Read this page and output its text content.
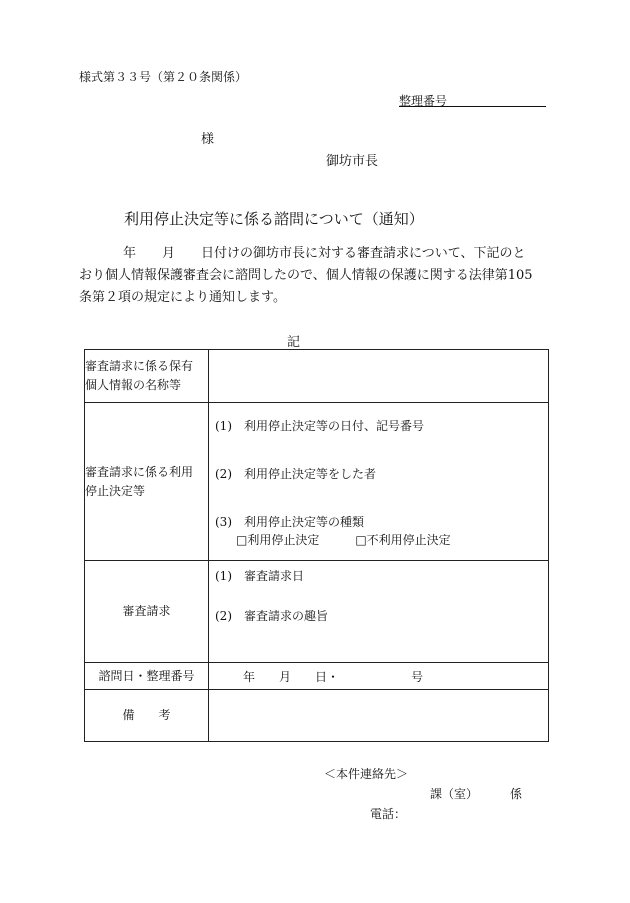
様式第３３号（第２０条関係）
整理番号
様
御坊市長
利用停止決定等に係る諮問について（通知）
年　　月　　日付けの御坊市長に対する審査請求について、下記のと
おり個人情報保護審査会に諮問したので、個人情報の保護に関する法律第105
条第２項の規定により通知します。
記
審査請求に係る保有
個人情報の名称等	

審査請求に係る利用
停止決定等	(1)　利用停止決定等の日付、記号番号
(2)　利用停止決定等をした者
(3)　利用停止決定等の種類
□利用停止決定 □不利用停止決定

審査請求	(1)　審査請求日
(2)　審査請求の趣旨

諮問日・整理番号	年　　月　　日・　　　　　　号
備　　考	
＜本件連絡先＞
課（室）	係
電話：
